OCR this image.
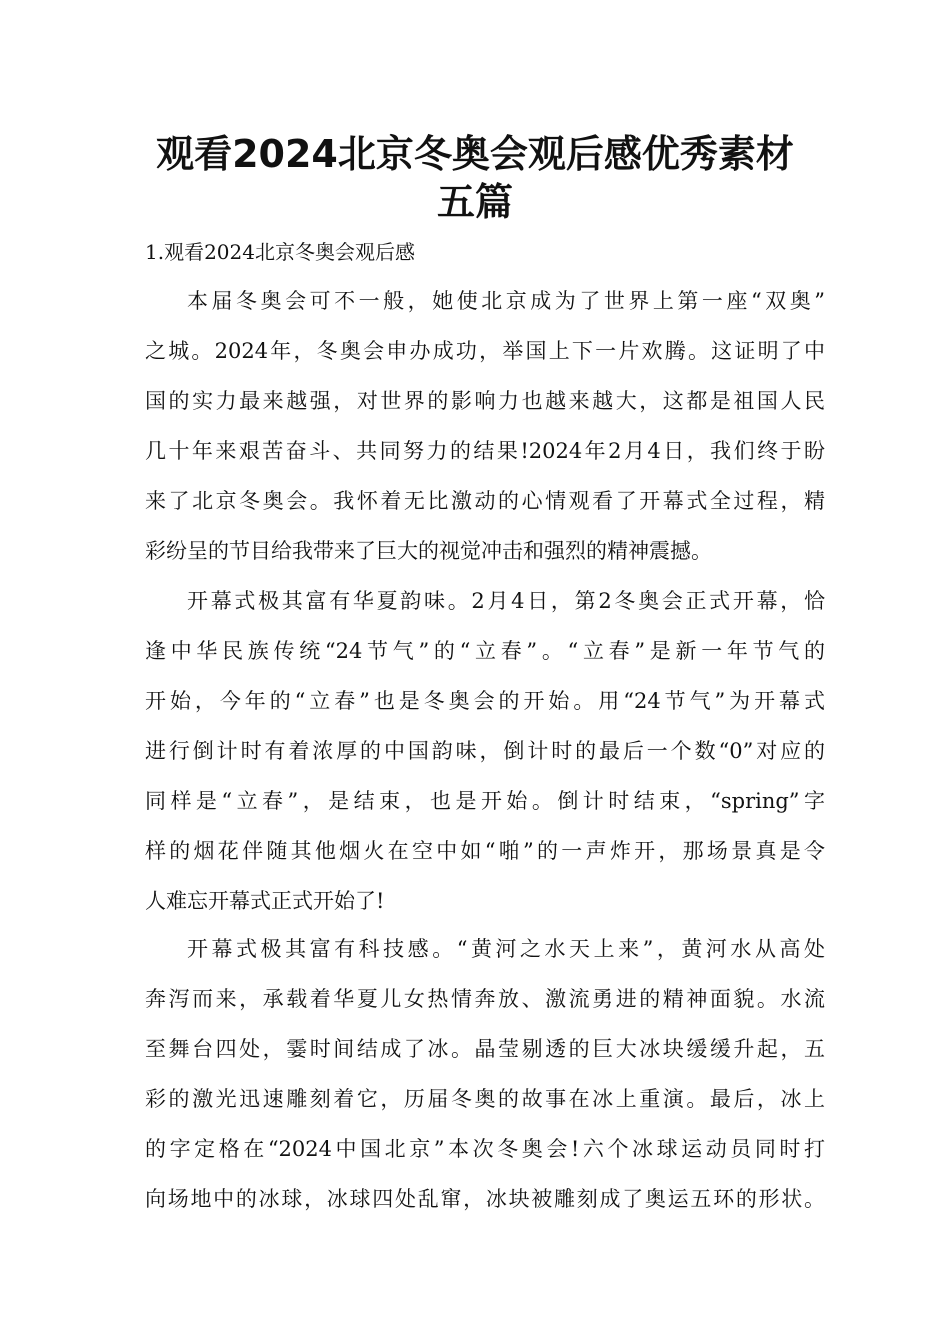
观看2024北京冬奥会观后感优秀素材
五篇

1.观看2024北京冬奥会观后感

本届冬奥会可不一般，她使北京成为了世界上第一座“双奥”

之城。2024年，冬奥会申办成功，举国上下一片欢腾。这证明了中

国的实力最来越强，对世界的影响力也越来越大，这都是祖国人民

几十年来艰苦奋斗、共同努力的结果!2024年2月4日，我们终于盼

来了北京冬奥会。我怀着无比激动的心情观看了开幕式全过程，精

彩纷呈的节目给我带来了巨大的视觉冲击和强烈的精神震撼。

开幕式极其富有华夏韵味。2月4日，第2冬奥会正式开幕，恰

逢中华民族传统“24节气”的“立春”。“立春”是新一年节气的

开始，今年的“立春”也是冬奥会的开始。用“24节气”为开幕式

进行倒计时有着浓厚的中国韵味，倒计时的最后一个数“0”对应的

同样是“立春”，是结束，也是开始。倒计时结束，“spring”字

样的烟花伴随其他烟火在空中如“啪”的一声炸开，那场景真是令

人难忘开幕式正式开始了!

开幕式极其富有科技感。“黄河之水天上来”，黄河水从高处

奔泻而来，承载着华夏儿女热情奔放、激流勇进的精神面貌。水流

至舞台四处，霎时间结成了冰。晶莹剔透的巨大冰块缓缓升起，五

彩的激光迅速雕刻着它，历届冬奥的故事在冰上重演。最后，冰上

的字定格在“2024中国北京”本次冬奥会!六个冰球运动员同时打

向场地中的冰球，冰球四处乱窜，冰块被雕刻成了奥运五环的形状。
